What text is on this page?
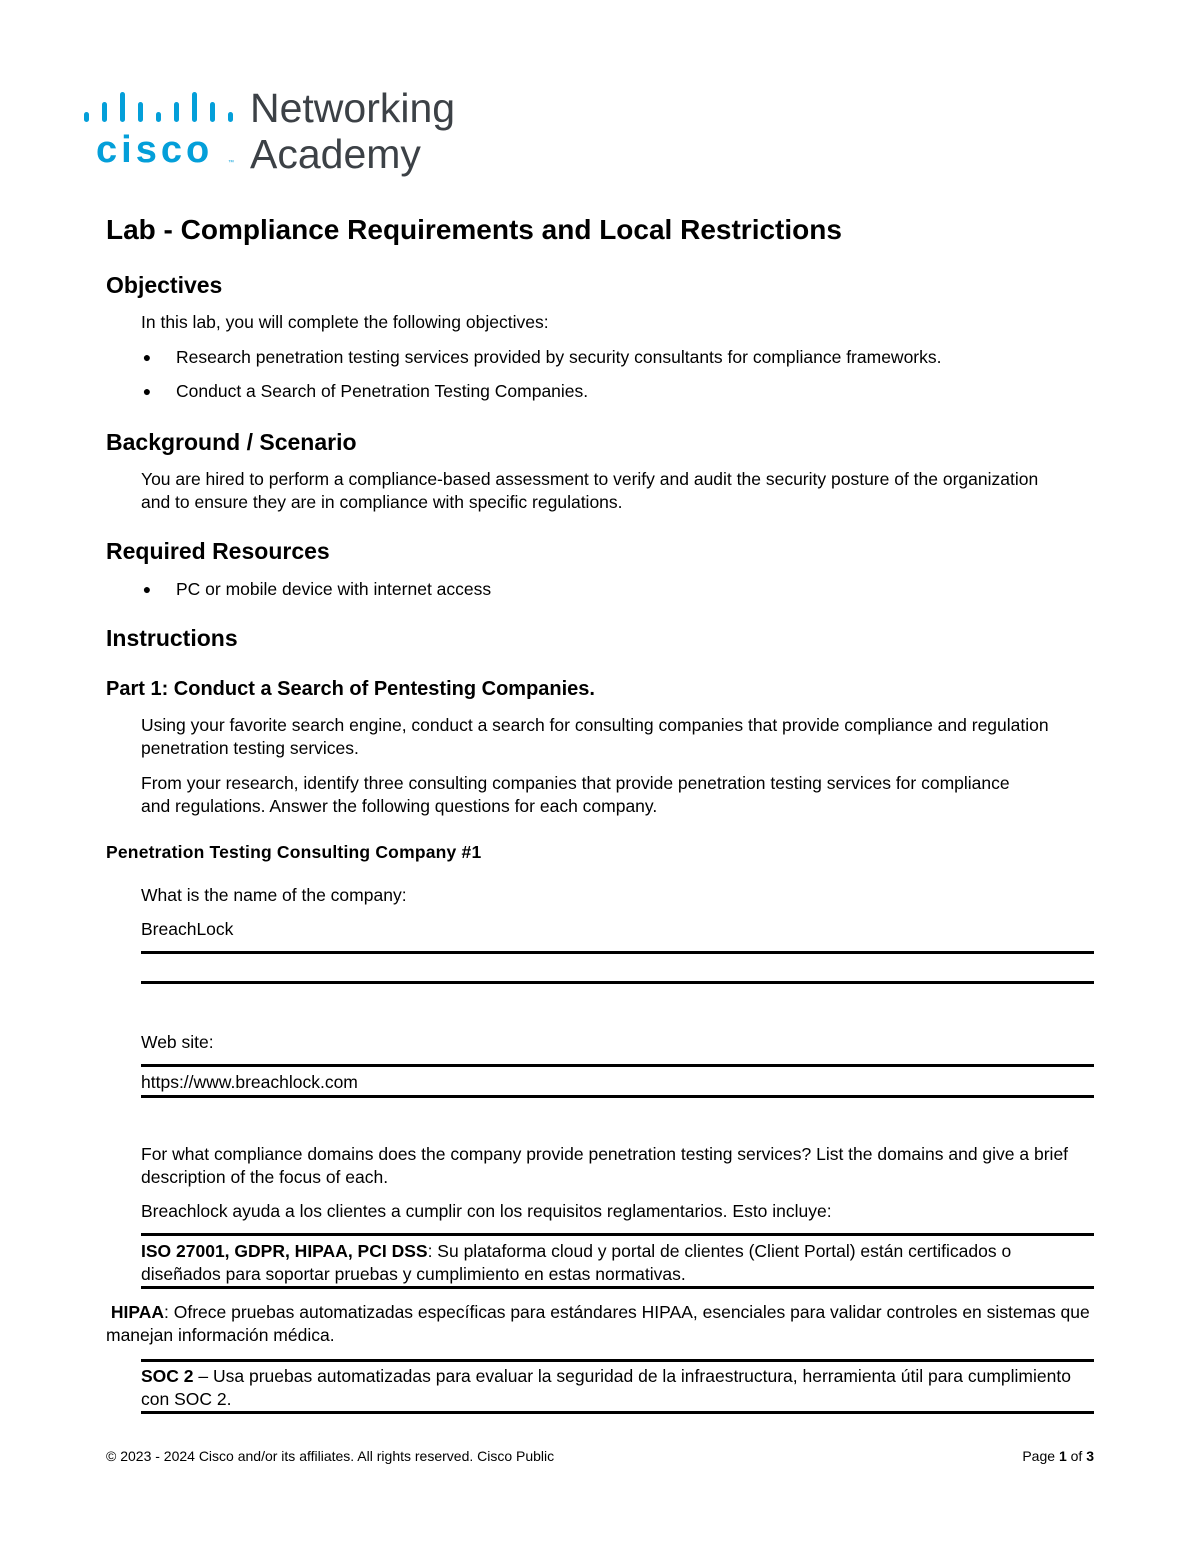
cisco ™
Networking
Academy
Lab - Compliance Requirements and Local Restrictions
Objectives
In this lab, you will complete the following objectives:
● Research penetration testing services provided by security consultants for compliance frameworks.
● Conduct a Search of Penetration Testing Companies.
Background / Scenario
You are hired to perform a compliance-based assessment to verify and audit the security posture of the organization and to ensure they are in compliance with specific regulations.
Required Resources
● PC or mobile device with internet access
Instructions
Part 1: Conduct a Search of Pentesting Companies.
Using your favorite search engine, conduct a search for consulting companies that provide compliance and regulation penetration testing services.
From your research, identify three consulting companies that provide penetration testing services for compliance and regulations. Answer the following questions for each company.
Penetration Testing Consulting Company #1
What is the name of the company:
BreachLock
Web site:
https://www.breachlock.com
For what compliance domains does the company provide penetration testing services? List the domains and give a brief description of the focus of each.
Breachlock ayuda a los clientes a cumplir con los requisitos reglamentarios. Esto incluye:
ISO 27001, GDPR, HIPAA, PCI DSS: Su plataforma cloud y portal de clientes (Client Portal) están certificados o diseñados para soportar pruebas y cumplimiento en estas normativas.
HIPAA: Ofrece pruebas automatizadas específicas para estándares HIPAA, esenciales para validar controles en sistemas que manejan información médica.
SOC 2 – Usa pruebas automatizadas para evaluar la seguridad de la infraestructura, herramienta útil para cumplimiento con SOC 2.
© 2023 - 2024 Cisco and/or its affiliates. All rights reserved. Cisco Public	Page 1 of 3
